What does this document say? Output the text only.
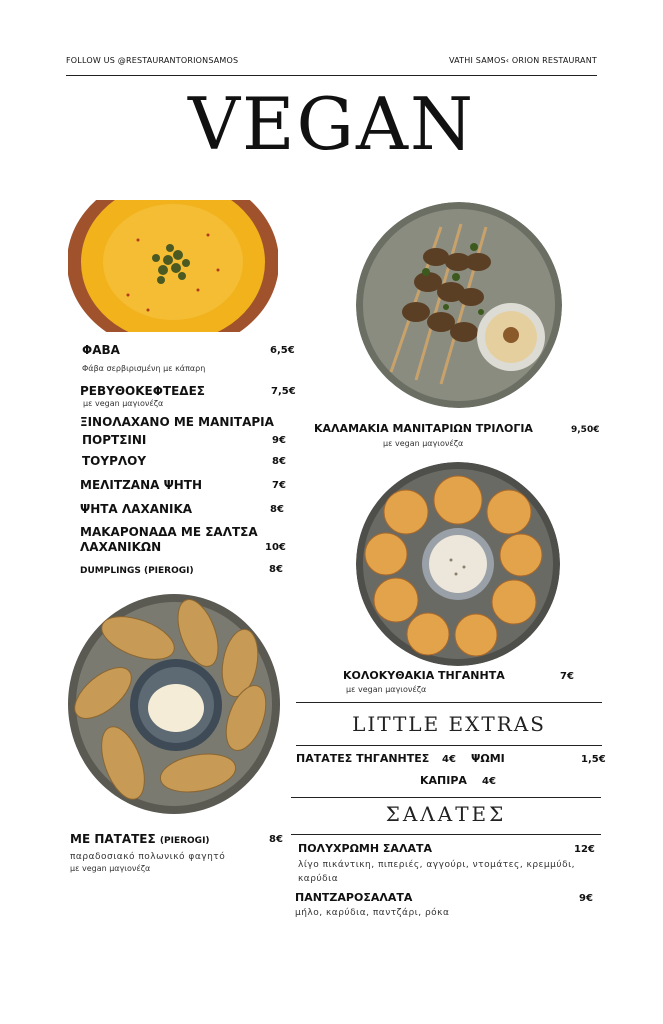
FOLLOW US @RESTAURANTORIONSAMOS	VATHI SAMOS‹ ORION RESTAURANT
VEGAN
ΦΑΒΑ	6,5€
Φάβα σερβιρισμένη με κάπαρη
ΡΕΒΥΘΟΚΕΦΤΕΔΕΣ	7,5€
με vegan μαγιονέζα
ΞΙΝΟΛΑΧΑΝΟ ΜΕ ΜΑΝΙΤΑΡΙΑ
ΠΟΡΤΣΙΝΙ	9€
ΤΟΥΡΛΟΥ	8€
ΜΕΛΙΤΖΑΝΑ ΨΗΤΗ	7€
ΨΗΤΑ ΛΑΧΑΝΙΚΑ	8€
ΜΑΚΑΡΟΝΑΔΑ ΜΕ ΣΑΛΤΣΑ
ΛΑΧΑΝΙΚΩΝ	10€
DUMPLINGS (PIEROGI)	8€
ΜΕ ΠΑΤΑΤΕΣ (PIEROGI)	8€
παραδοσιακό πολωνικό φαγητό
με vegan μαγιονέζα
ΚΑΛΑΜΑΚΙΑ ΜΑΝΙΤΑΡΙΩΝ ΤΡΙΛΟΓΙΑ	9,50€
με vegan μαγιονέζα
ΚΟΛΟΚΥΘΑΚΙΑ ΤΗΓΑΝΗΤΑ	7€
με vegan μαγιονέζα
LITTLE EXTRAS
ΠΑΤΑΤΕΣ ΤΗΓΑΝΗΤΕΣ 4€ ΨΩΜΙ	1,5€
ΚΑΠΙΡΑ 4€
ΣΑΛΑΤΕΣ
ΠΟΛΥΧΡΩΜΗ ΣΑΛΑΤΑ	12€
λίγο πικάντικη, πιπεριές, αγγούρι, ντομάτες, κρεμμύδι,
καρύδια
ΠΑΝΤΖΑΡΟΣΑΛΑΤΑ	9€
μήλο, καρύδια, παντζάρι, ρόκα
